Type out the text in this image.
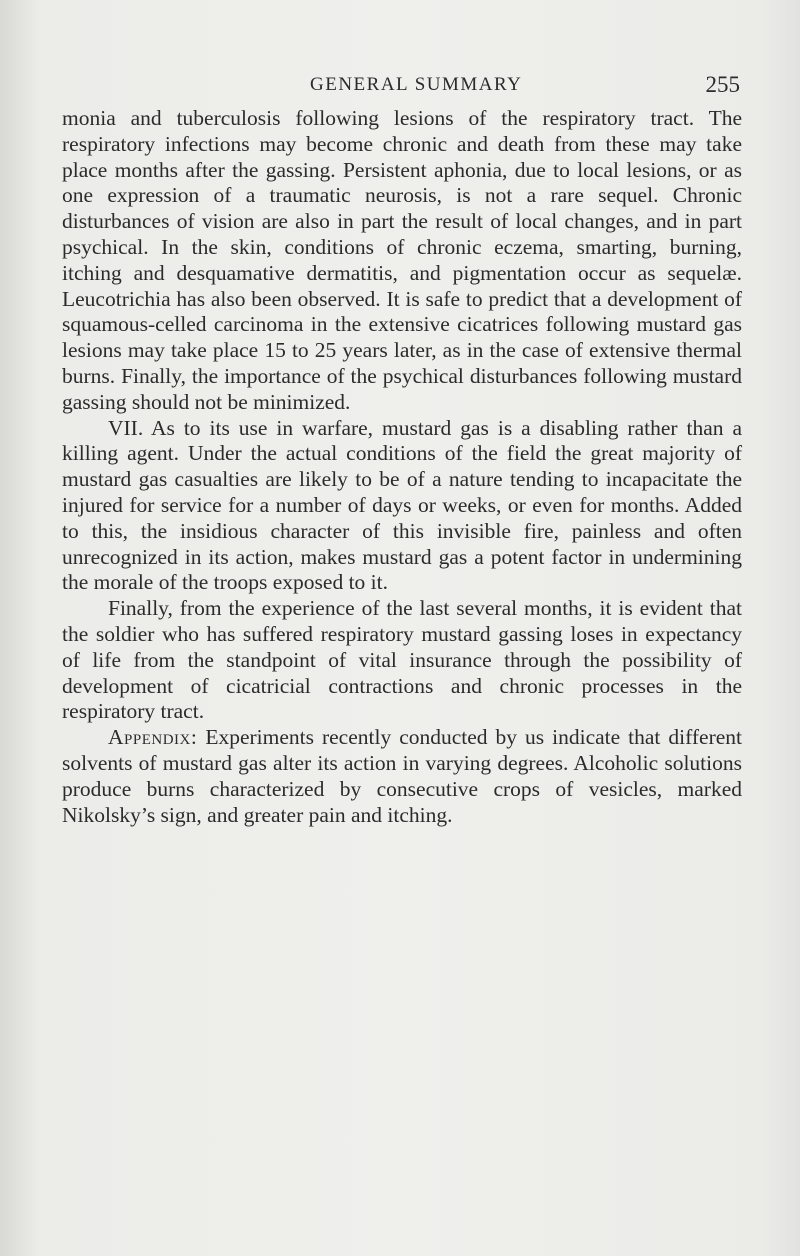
GENERAL SUMMARY	255

monia and tuberculosis following lesions of the respiratory tract. The respiratory infections may become chronic and death from these may take place months after the gassing. Persistent aphonia, due to local lesions, or as one expression of a traumatic neurosis, is not a rare sequel. Chronic disturbances of vision are also in part the result of local changes, and in part psychical. In the skin, conditions of chronic eczema, smarting, burning, itching and desquamative dermatitis, and pigmentation occur as sequelæ. Leucotrichia has also been observed. It is safe to predict that a development of squamous-celled carcinoma in the extensive cicatrices following mustard gas lesions may take place 15 to 25 years later, as in the case of extensive thermal burns. Finally, the importance of the psychical disturbances following mustard gassing should not be minimized.

VII. As to its use in warfare, mustard gas is a disabling rather than a killing agent. Under the actual conditions of the field the great majority of mustard gas casualties are likely to be of a nature tending to incapacitate the injured for service for a number of days or weeks, or even for months. Added to this, the insidious character of this invisible fire, painless and often unrecognized in its action, makes mustard gas a potent factor in undermining the morale of the troops exposed to it.

Finally, from the experience of the last several months, it is evident that the soldier who has suffered respiratory mustard gassing loses in expectancy of life from the standpoint of vital insurance through the possibility of development of cicatricial contractions and chronic processes in the respiratory tract.

Appendix: Experiments recently conducted by us indicate that different solvents of mustard gas alter its action in varying degrees. Alcoholic solutions produce burns characterized by consecutive crops of vesicles, marked Nikolsky’s sign, and greater pain and itching.
